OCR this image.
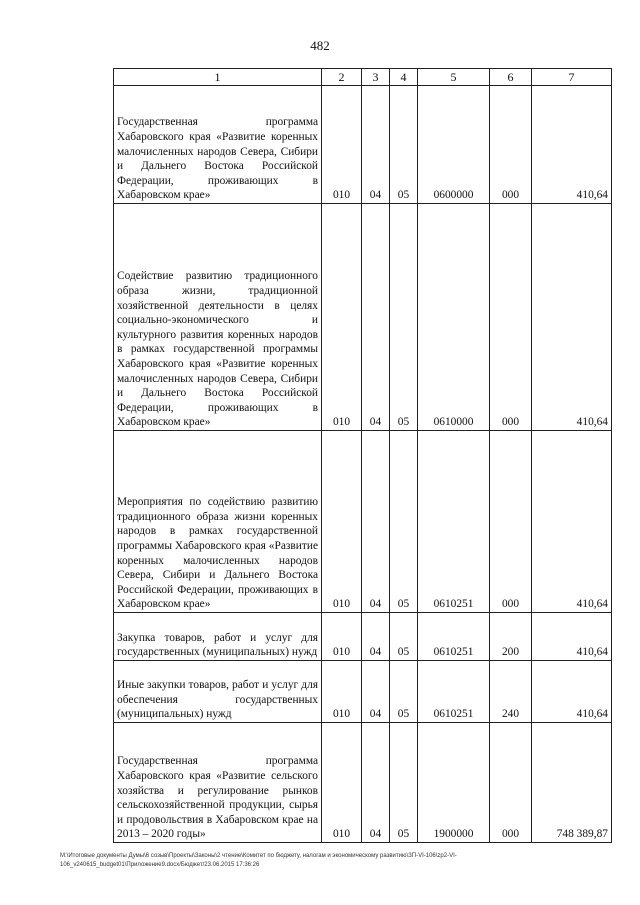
482
1	2	3	4	5	6	7
Государственная программа Хабаровского края «Развитие коренных малочисленных народов Севера, Сибири и Дальнего Востока Российской Федерации, проживающих в Хабаровском крае»	010	04	05	0600000	000	410,64
Содействие развитию традиционного образа жизни, традиционной хозяйственной деятельности в целях социально-экономического и культурного развития коренных народов в рамках государственной программы Хабаровского края «Развитие коренных малочисленных народов Севера, Сибири и Дальнего Востока Российской Федерации, проживающих в Хабаровском крае»	010	04	05	0610000	000	410,64
Мероприятия по содействию развитию традиционного образа жизни коренных народов в рамках государственной программы Хабаровского края «Развитие коренных малочисленных народов Севера, Сибири и Дальнего Востока Российской Федерации, проживающих в Хабаровском крае»	010	04	05	0610251	000	410,64
Закупка товаров, работ и услуг для государственных (муниципальных) нужд	010	04	05	0610251	200	410,64
Иные закупки товаров, работ и услуг для обеспечения государственных (муниципальных) нужд	010	04	05	0610251	240	410,64
Государственная программа Хабаровского края «Развитие сельского хозяйства и регулирование рынков сельскохозяйственной продукции, сырья и продовольствия в Хабаровском крае на 2013 – 2020 годы»	010	04	05	1900000	000	748 389,87
М:\Итоговые документы Думы\6 созыв\Проекты\Законы\2 чтение\Комитет по бюджету, налогам и экономическому развитию\ЗП-VI-106\zp2-VI-
106_v240615_budget01\Приложение9.docx/Бюджет/23.06.2015 17:36:26
